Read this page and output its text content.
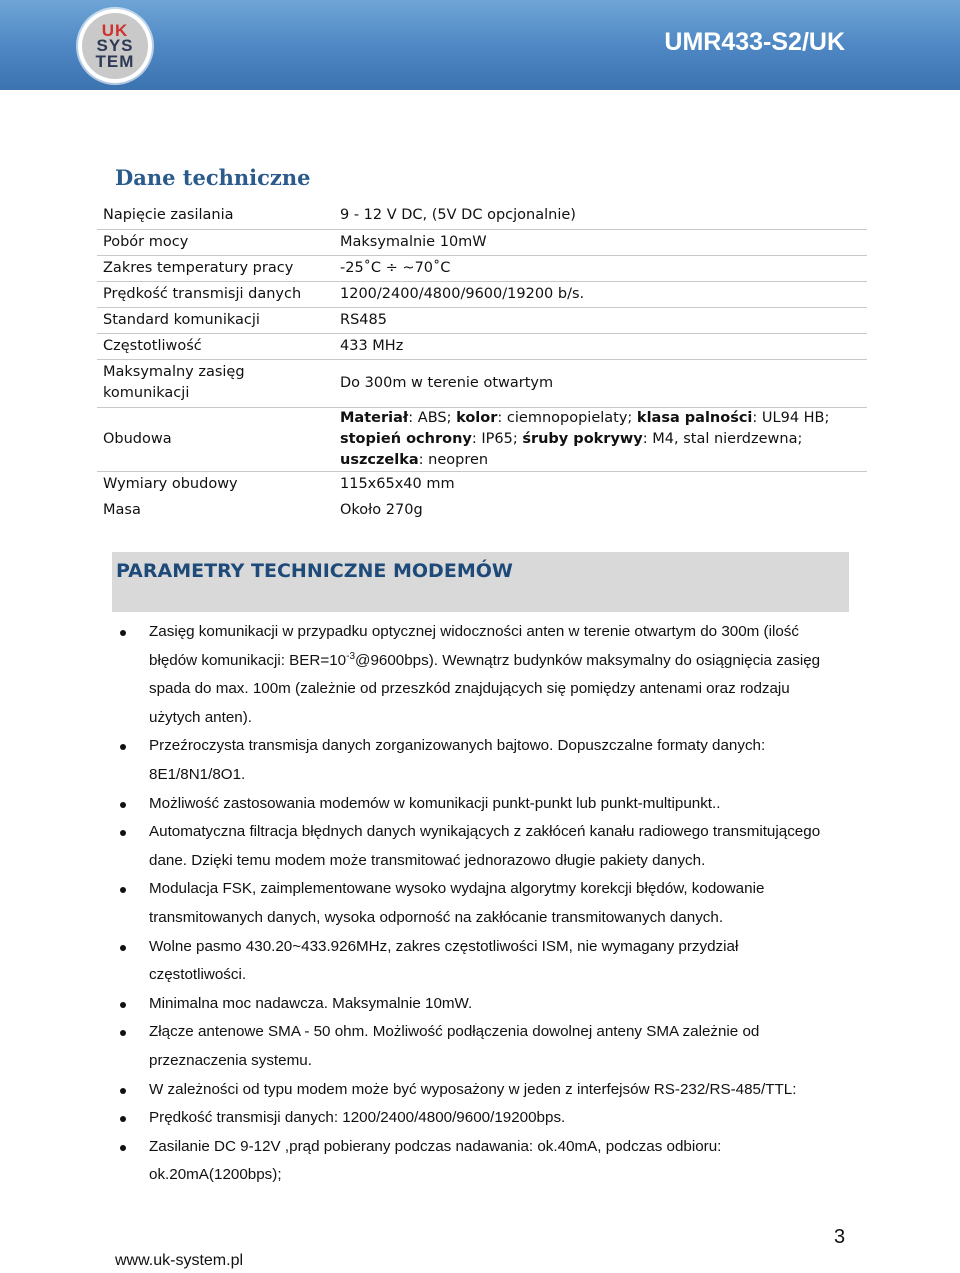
UK
SYS
TEM
UMR433-S2/UK
Dane techniczne
Napięcie zasilania	9 - 12 V DC, (5V DC opcjonalnie)
Pobór mocy	Maksymalnie 10mW
Zakres temperatury pracy	-25˚C ÷ ~70˚C
Prędkość transmisji danych	1200/2400/4800/9600/19200 b/s.
Standard komunikacji	RS485
Częstotliwość	433 MHz
Maksymalny zasięg komunikacji	Do 300m w terenie otwartym
Obudowa	Materiał: ABS; kolor: ciemnopopielaty; klasa palności: UL94 HB; stopień ochrony: IP65; śruby pokrywy: M4, stal nierdzewna; uszczelka: neopren
Wymiary obudowy	115x65x40 mm
Masa	Około 270g
PARAMETRY TECHNICZNE MODEMÓW
Zasięg komunikacji w przypadku optycznej widoczności anten w terenie otwartym do 300m (ilość błędów komunikacji: $BER=10^{-3}@9600bps$). Wewnątrz budynków maksymalny do osiągnięcia zasięg spada do max. 100m (zależnie od przeszkód znajdujących się pomiędzy antenami oraz rodzaju użytych anten).
Przeźroczysta transmisja danych zorganizowanych bajtowo. Dopuszczalne formaty danych: 8E1/8N1/8O1.
Możliwość zastosowania modemów w komunikacji punkt-punkt lub punkt-multipunkt..
Automatyczna filtracja błędnych danych wynikających z zakłóceń kanału radiowego transmitującego dane. Dzięki temu modem może transmitować jednorazowo długie pakiety danych.
Modulacja FSK, zaimplementowane wysoko wydajna algorytmy korekcji błędów, kodowanie transmitowanych danych, wysoka odporność na zakłócanie transmitowanych danych.
Wolne pasmo 430.20~433.926MHz, zakres częstotliwości ISM, nie wymagany przydział częstotliwości.
Minimalna moc nadawcza. Maksymalnie 10mW.
Złącze antenowe SMA - 50 ohm. Możliwość podłączenia dowolnej anteny SMA zależnie od przeznaczenia systemu.
W zależności od typu modem może być wyposażony w jeden z interfejsów RS-232/RS-485/TTL:
Prędkość transmisji danych: 1200/2400/4800/9600/19200bps.
Zasilanie DC 9-12V ,prąd pobierany podczas nadawania: ok.40mA, podczas odbioru: ok.20mA(1200bps);
3
www.uk-system.pl
